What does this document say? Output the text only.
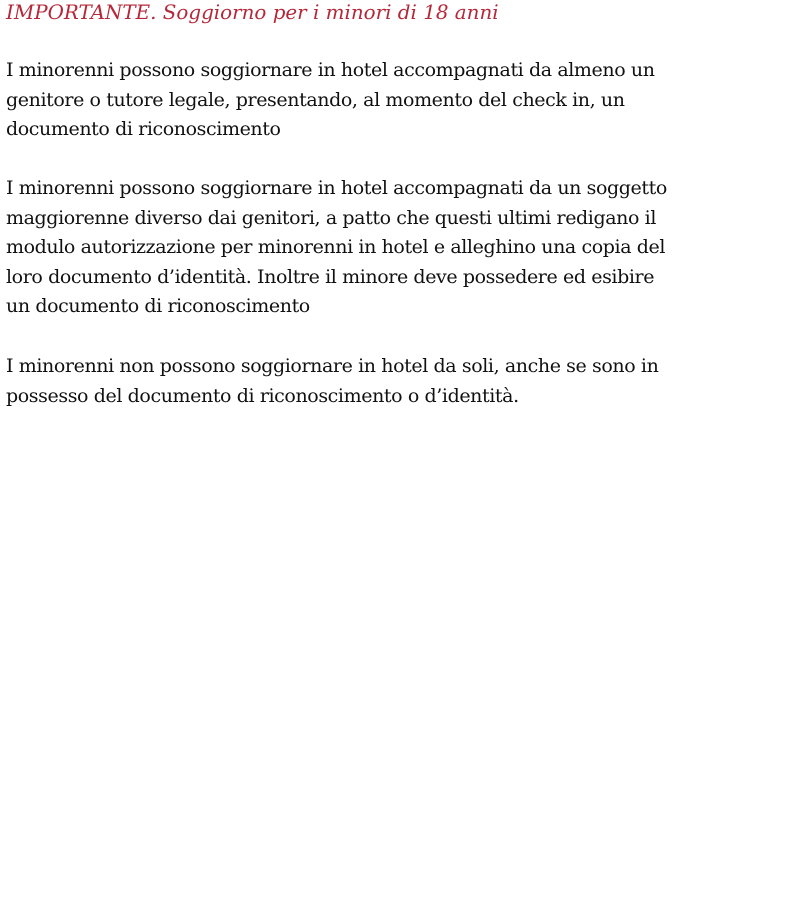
IMPORTANTE. Soggiorno per i minori di 18 anni

I minorenni possono soggiornare in hotel accompagnati da almeno un
genitore o tutore legale, presentando, al momento del check in, un
documento di riconoscimento

I minorenni possono soggiornare in hotel accompagnati da un soggetto
maggiorenne diverso dai genitori, a patto che questi ultimi redigano il
modulo autorizzazione per minorenni in hotel e alleghino una copia del
loro documento d’identità. Inoltre il minore deve possedere ed esibire
un documento di riconoscimento

I minorenni non possono soggiornare in hotel da soli, anche se sono in
possesso del documento di riconoscimento o d’identità.
